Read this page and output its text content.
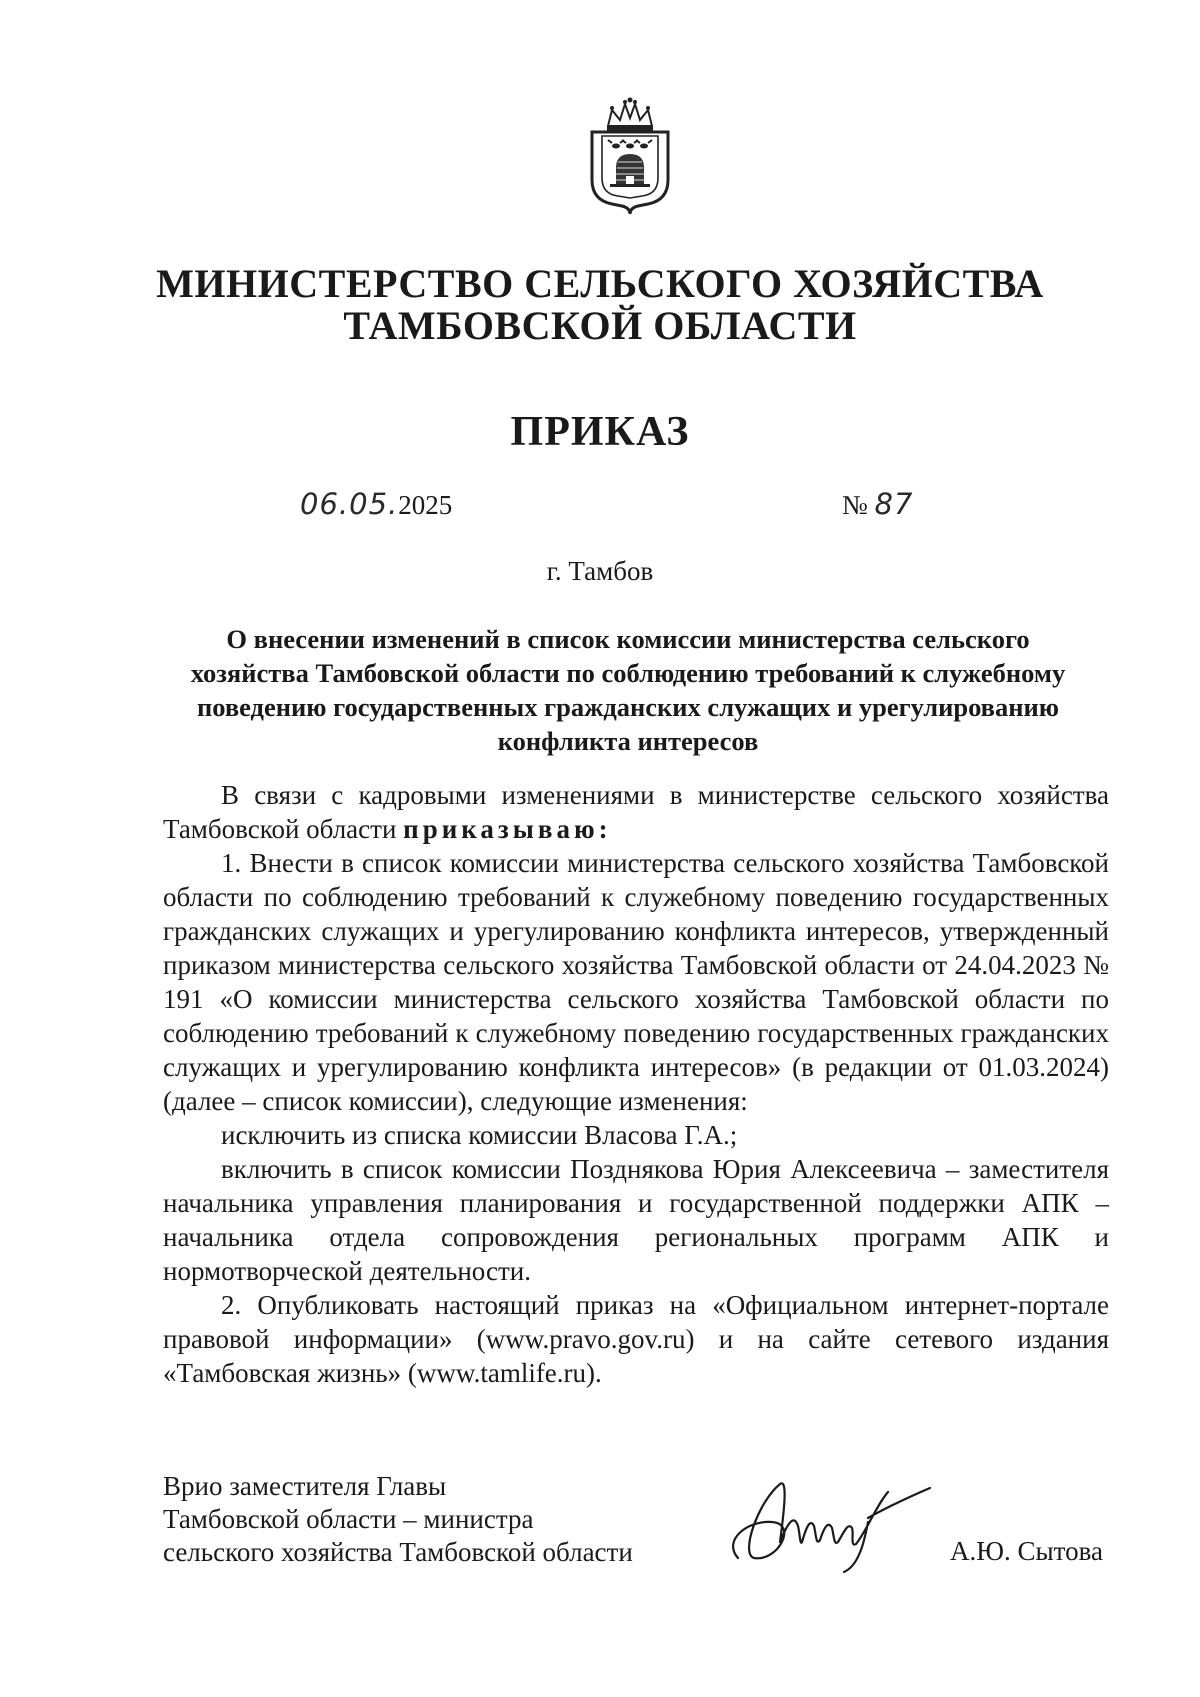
МИНИСТЕРСТВО СЕЛЬСКОГО ХОЗЯЙСТВА
ТАМБОВСКОЙ ОБЛАСТИ
ПРИКАЗ
06.05.2025	№ 87
г. Тамбов
О внесении изменений в список комиссии министерства сельского хозяйства Тамбовской области по соблюдению требований к служебному поведению государственных гражданских служащих и урегулированию конфликта интересов

В связи с кадровыми изменениями в министерстве сельского хозяйства Тамбовской области приказываю:

1. Внести в список комиссии министерства сельского хозяйства Тамбовской области по соблюдению требований к служебному поведению государственных гражданских служащих и урегулированию конфликта интересов, утвержденный приказом министерства сельского хозяйства Тамбовской области от 24.04.2023 № 191 «О комиссии министерства сельского хозяйства Тамбовской области по соблюдению требований к служебному поведению государственных гражданских служащих и урегулированию конфликта интересов» (в редакции от 01.03.2024) (далее – список комиссии), следующие изменения:

исключить из списка комиссии Власова Г.А.;

включить в список комиссии Позднякова Юрия Алексеевича – заместителя начальника управления планирования и государственной поддержки АПК – начальника отдела сопровождения региональных программ АПК и нормотворческой деятельности.

2. Опубликовать настоящий приказ на «Официальном интернет-портале правовой информации» (www.pravo.gov.ru) и на сайте сетевого издания «Тамбовская жизнь» (www.tamlife.ru).

Врио заместителя Главы
Тамбовской области – министра
сельского хозяйства Тамбовской области	А.Ю. Сытова
